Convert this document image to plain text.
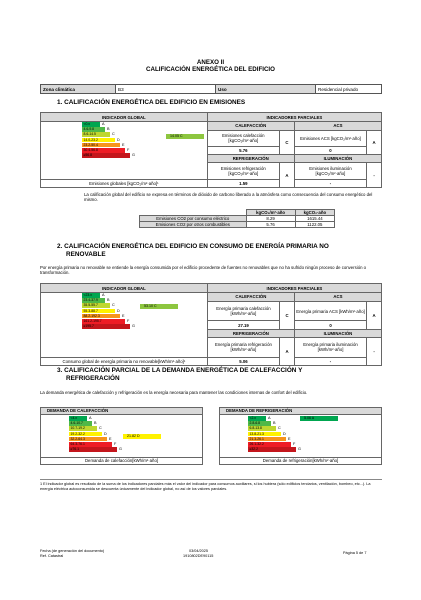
ANEXO II
CALIFICACIÓN ENERGÉTICA DEL EDIFICIO
Zona climática	B3	Uso	Residencial privado
1. CALIFICACIÓN ENERGÉTICA DEL EDIFICIO EN EMISIONES
INDICADOR GLOBAL	INDICADORES PARCIALES			
	CALEFACCIÓN		ACS	
	Emisiones calefacción [kgCO₂/m²·año]	C	Emisiones ACS [kgCO₂/m²·año]	A
	5.76		0	
	REFRIGERACIÓN		ILUMINACIÓN	
	Emisiones refrigeración [kgCO₂/m²·año]	A	Emisiones iluminación [kgCO₂/m²·año]	-
Emisiones globales [kgCO₂/m²·año]¹	1.59		-	
<0.x	A
4.6-9.8	B
8.6-14.5	C
14.0-23.2	D
23.2-50.4	E
30.4-56.8	F
≥56.8	G
14.05 C
La calificación global del edificio se expresa en términos de dióxido de carbono liberado a la atmósfera como consecuencia del consumo energético del mismo.
	kgCO₂/m²·año	kgCO₂·año
Emisiones CO2 por consumo eléctrico	8.29	1615.44
Emisiones CO2 por otros combustibles	5.76	1122.05
2. CALIFICACIÓN ENERGÉTICA DEL EDIFICIO EN CONSUMO DE ENERGÍA PRIMARIA NO
RENOVABLE
Por energía primaria no renovable se entiende la energía consumida por el edificio procedente de fuentes no renovables que no ha sufrido ningún proceso de conversión o transformación.
INDICADOR GLOBAL	INDICADORES PARCIALES			
	CALEFACCIÓN		ACS	
	Energía primaria calefacción [kWh/m²·año]	C	Energía primaria ACS [kWh/m²·año]	A
	27.19		0	
	REFRIGERACIÓN		ILUMINACIÓN	
	Energía primaria refrigeración [kWh/m²·año]	A	Energía primaria iluminación [kWh/m²·año]	-
Consumo global de energía primaria no renovable[kWh/m²·año]¹	5.06		-	
<23.x	A
23.4-37.9	B
35.5-55.7	C
55.3-88.7	D
88.2-192.3	E
161.2-195.7	F
≥195.7	G
53.10 C
3. CALIFICACIÓN PARCIAL DE LA DEMANDA ENERGÉTICA DE CALEFACCIÓN Y
REFRIGERACIÓN
La demanda energética de calefacción y refrigeración es la energía necesaria para mantener las condiciones internas de confort del edificio.
DEMANDA DE CALEFACCIÓN
<4.x	A
4.6-10.7	B
10.7-19.2	C
19.2-32.2	D
32.2-64.3	E
64.3-76.1	F
≥76.1	G
21.82 D
Demanda de calefacción[kWh/m²·año]
DEMANDA DE REFRIGERACIÓN
<2.x	A
2.8-6.8	B
6.8-13.8	C
13.8-21.3	D
21.3-26.1	E
26.1-32.2	F
≥32.2	G
5.06 A
Demanda de refrigeración[kWh/m²·año]
1 El indicador global es resultado de la suma de los indicadores parciales más el valor del indicador para consumos auxiliares, si los hubiera (sólo edificios terciarios, ventilación, bombeo, etc...). La energía eléctrica autoconsumida se descuenta únicamente del indicador global, no así de los valores parciales.
Fecha (de generación del documento)
Ref. Catastral
03/04/2025
1910802DE90115
Página 5 de 7
